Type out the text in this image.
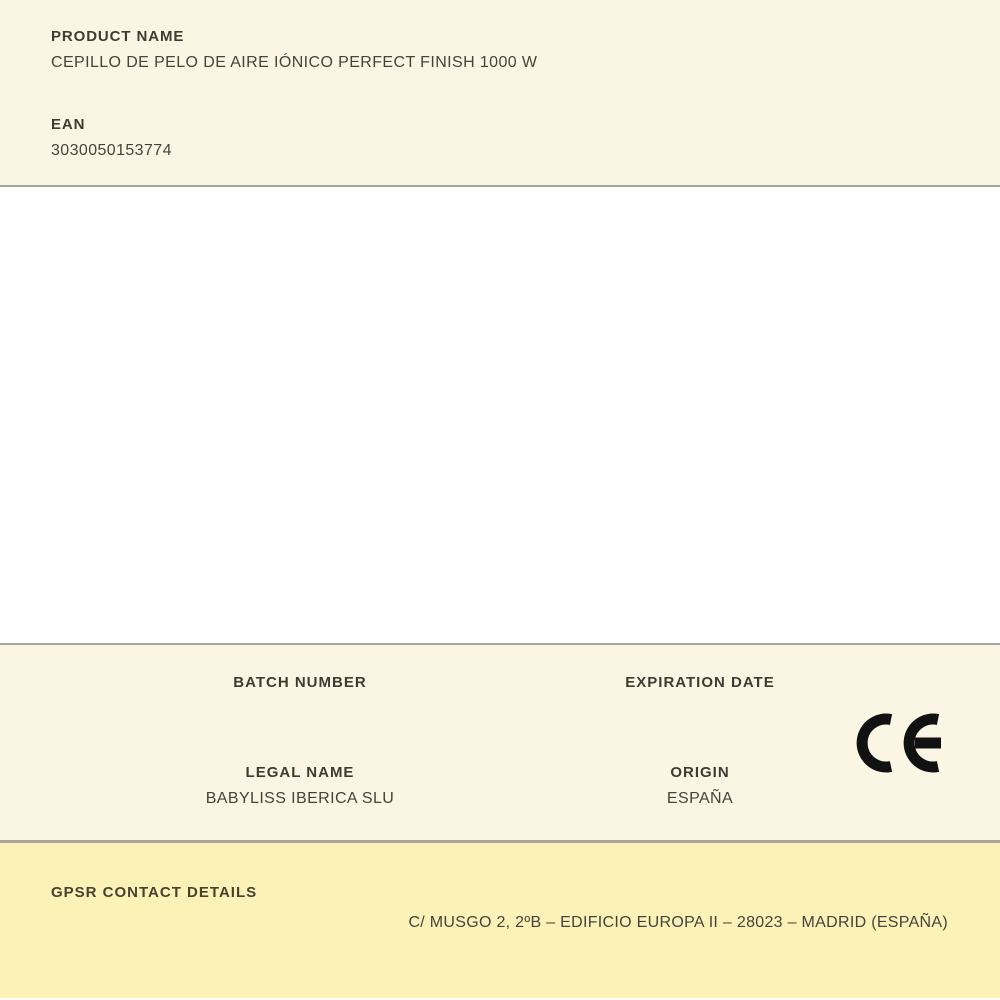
PRODUCT NAME
CEPILLO DE PELO DE AIRE IÓNICO PERFECT FINISH 1000 W
EAN
3030050153774
BATCH NUMBER	EXPIRATION DATE
LEGAL NAME	ORIGIN
BABYLISS IBERICA SLU	ESPAÑA
GPSR CONTACT DETAILS
C/ MUSGO 2, 2ºB – EDIFICIO EUROPA II – 28023 – MADRID (ESPAÑA)
